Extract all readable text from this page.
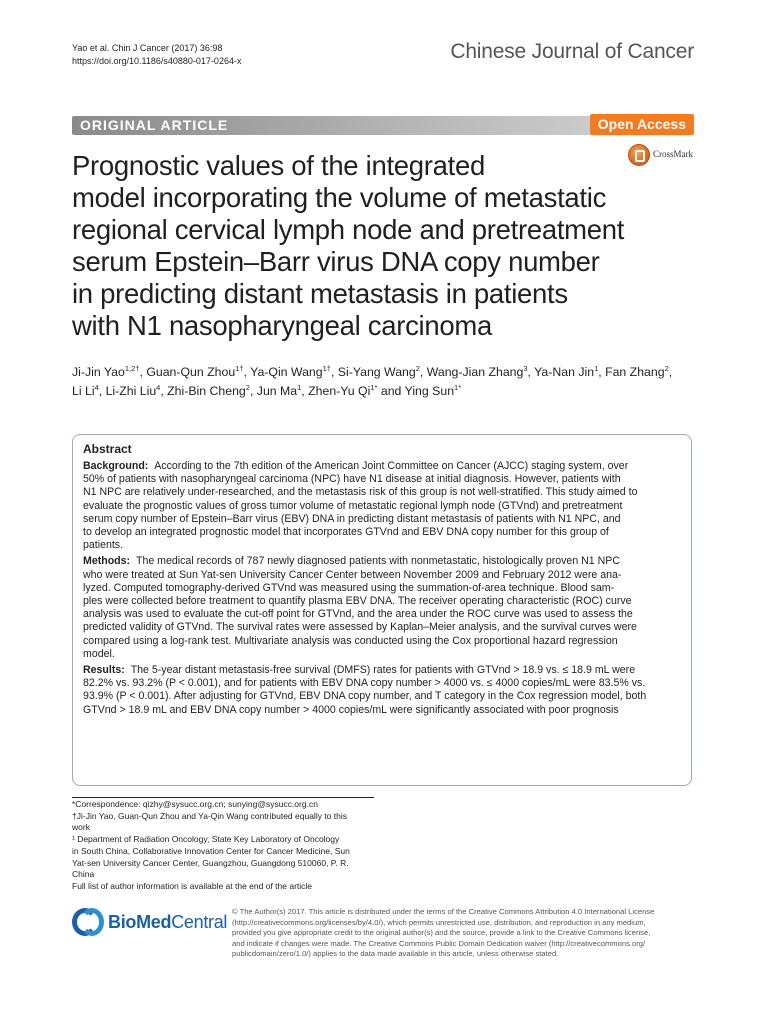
Yao et al. Chin J Cancer (2017) 36:98
https://doi.org/10.1186/s40880-017-0264-x	Chinese Journal of Cancer
ORIGINAL ARTICLE	Open Access
CrossMark
Prognostic values of the integrated
model incorporating the volume of metastatic
regional cervical lymph node and pretreatment
serum Epstein–Barr virus DNA copy number
in predicting distant metastasis in patients
with N1 nasopharyngeal carcinoma
Ji-Jin Yao$^{1,2\dagger}$, Guan-Qun Zhou$^{1\dagger}$, Ya-Qin Wang$^{1\dagger}$, Si-Yang Wang$^2$, Wang-Jian Zhang$^3$, Ya-Nan Jin$^1$, Fan Zhang$^2$, Li Li$^4$, Li-Zhi Liu$^4$, Zhi-Bin Cheng$^2$, Jun Ma$^1$, Zhen-Yu $Qi^{1*}$ and Ying Sun$^{1*}$
Abstract
Background: According to the 7th edition of the American Joint Committee on Cancer (AJCC) staging system, over
50% of patients with nasopharyngeal carcinoma (NPC) have N1 disease at initial diagnosis. However, patients with
N1 NPC are relatively under-researched, and the metastasis risk of this group is not well-stratified. This study aimed to
evaluate the prognostic values of gross tumor volume of metastatic regional lymph node (GTVnd) and pretreatment
serum copy number of Epstein–Barr virus (EBV) DNA in predicting distant metastasis of patients with N1 NPC, and
to develop an integrated prognostic model that incorporates GTVnd and EBV DNA copy number for this group of
patients.
Methods: The medical records of 787 newly diagnosed patients with nonmetastatic, histologically proven N1 NPC
who were treated at Sun Yat-sen University Cancer Center between November 2009 and February 2012 were ana-
lyzed. Computed tomography-derived GTVnd was measured using the summation-of-area technique. Blood sam-
ples were collected before treatment to quantify plasma EBV DNA. The receiver operating characteristic (ROC) curve
analysis was used to evaluate the cut-off point for GTVnd, and the area under the ROC curve was used to assess the
predicted validity of GTVnd. The survival rates were assessed by Kaplan–Meier analysis, and the survival curves were
compared using a log-rank test. Multivariate analysis was conducted using the Cox proportional hazard regression
model.
Results: The 5-year distant metastasis-free survival (DMFS) rates for patients with GTVnd > 18.9 vs. ≤ 18.9 mL were
82.2% vs. 93.2% (P < 0.001), and for patients with EBV DNA copy number > 4000 vs. ≤ 4000 copies/mL were 83.5% vs.
93.9% (P < 0.001). After adjusting for GTVnd, EBV DNA copy number, and T category in the Cox regression model, both
GTVnd > 18.9 mL and EBV DNA copy number > 4000 copies/mL were significantly associated with poor prognosis
*Correspondence: qizhy@sysucc.org.cn; sunying@sysucc.org.cn
†Ji-Jin Yao, Guan-Qun Zhou and Ya-Qin Wang contributed equally to this
work
¹ Department of Radiation Oncology, State Key Laboratory of Oncology
in South China, Collaborative Innovation Center for Cancer Medicine, Sun
Yat-sen University Cancer Center, Guangzhou, Guangdong 510060, P. R.
China
Full list of author information is available at the end of the article
BioMedCentral
© The Author(s) 2017. This article is distributed under the terms of the Creative Commons Attribution 4.0 International License
(http://creativecommons.org/licenses/by/4.0/), which permits unrestricted use, distribution, and reproduction in any medium,
provided you give appropriate credit to the original author(s) and the source, provide a link to the Creative Commons license,
and indicate if changes were made. The Creative Commons Public Domain Dedication waiver (http://creativecommons.org/
publicdomain/zero/1.0/) applies to the data made available in this article, unless otherwise stated.
